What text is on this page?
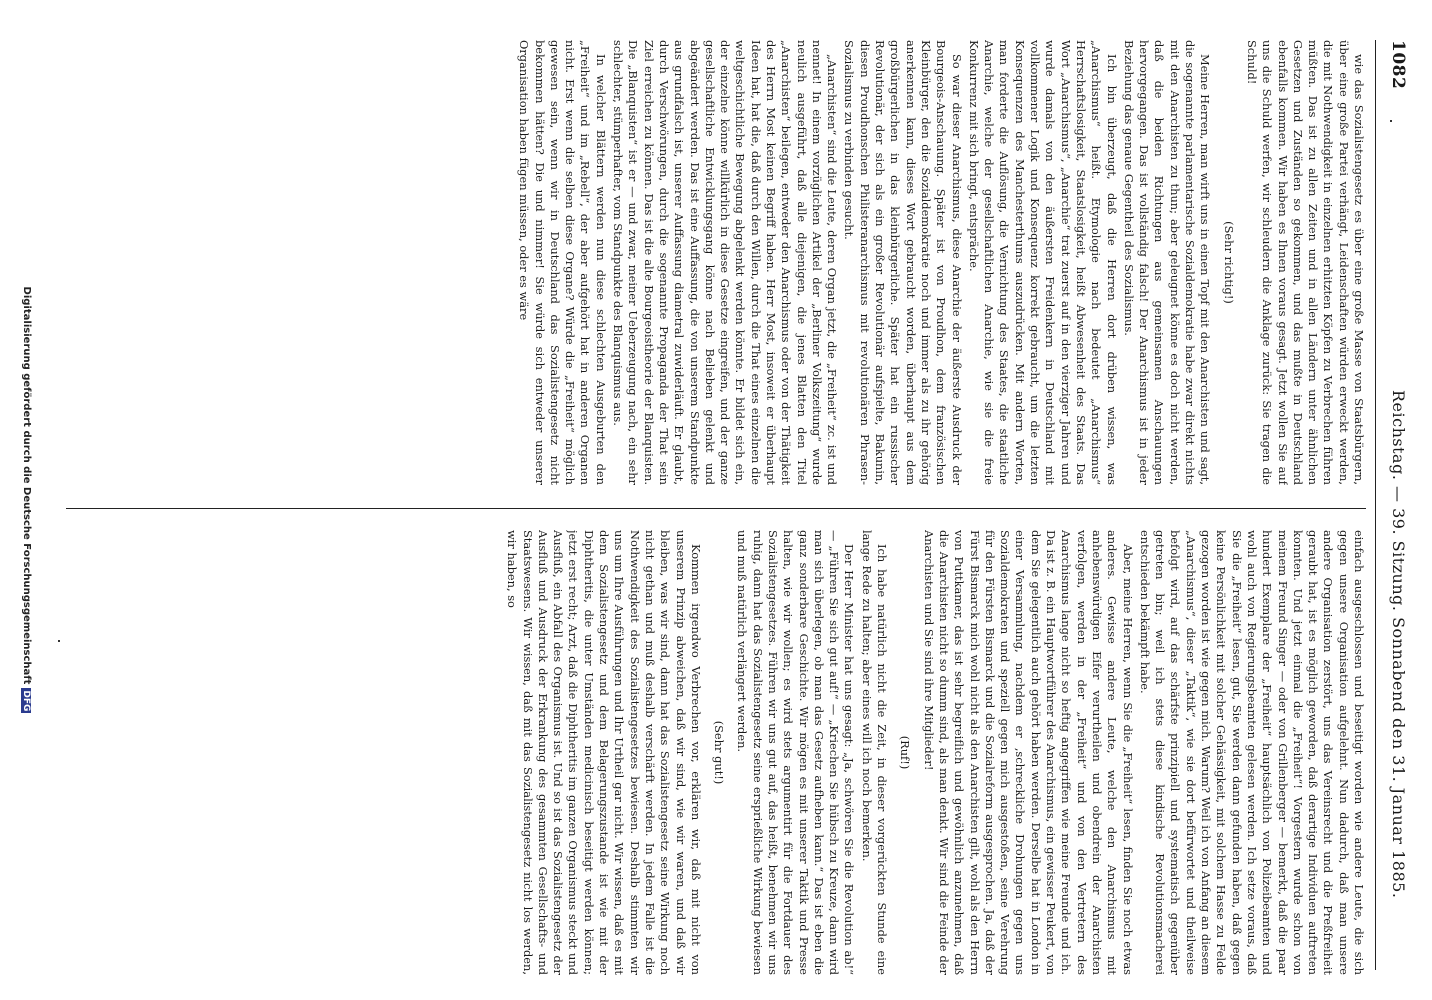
1082
Reichstag. — 39. Sitzung. Sonnabend den 31. Januar 1885.

wie das Sozialistengesetz es über eine große Masse von Staatsbürgern, über eine große Partei verhängt, Leidenschaften würden erweckt werden, die mit Nothwendigkeit in einzelnen erhitzten Köpfen zu Verbrechen führen müßten. Das ist zu allen Zeiten und in allen Ländern unter ähnlichen Gesetzen und Zuständen so gekommen, und das mußte in Deutschland ebenfalls kommen. Wir haben es Ihnen voraus gesagt. Jetzt wollen Sie auf uns die Schuld werfen, wir schleudern die Anklage zurück: Sie tragen die Schuld!

(Sehr richtig!)

Meine Herren, man wirft uns in einen Topf mit den Anarchisten und sagt, die sogenannte parlamentarische Sozialdemokratie habe zwar direkt nichts mit den Anarchisten zu thun; aber geleugnet könne es doch nicht werden, daß die beiden Richtungen aus gemeinsamen Anschauungen hervorgegangen. Das ist vollständig falsch! Der Anarchismus ist in jeder Beziehung das genaue Gegentheil des Sozialismus.

Ich bin überzeugt, daß die Herren dort drüben wissen, was „Anarchismus“ heißt. Etymologie nach bedeutet „Anarchismus“ Herrschaftslosigkeit, Staatslosigkeit, heißt Abwesenheit des Staats. Das Wort „Anarchismus“, „Anarchie“ trat zuerst auf in den vierziger Jahren und wurde damals von den äußersten Freidenkern in Deutschland mit vollkommener Logik und Konsequenz korrekt gebraucht, um die letzten Konsequenzen des Manchesterthums auszudrücken. Mit andern Worten, man forderte die Auflösung, die Vernichtung des Staates, die staatliche Anarchie, welche der gesellschaftlichen Anarchie, wie sie die freie Konkurrenz mit sich bringt, entspräche.

So war dieser Anarchismus, diese Anarchie der äußerste Ausdruck der Bourgeois-Anschauung. Später ist von Proudhon, dem französischen Kleinbürger, den die Sozialdemokratie noch und immer als zu ihr gehörig anerkennen kann, dieses Wort gebraucht worden, überhaupt aus dem großbürgerlichen in das kleinbürgerliche. Später hat ein russischer Revolutionär, der sich als ein großer Revolutionär aufspielte, Bakunin, diesen Proudhonschen Philisteranarchismus mit revolutionären Phrasen-Sozialismus zu verbinden gesucht.

„Anarchisten“ sind die Leute, deren Organ jetzt, die „Freiheit“ zc. ist und nennet! In einem vorzüglichen Artikel der „Berliner Volkszeitung“ wurde neulich ausgeführt, daß alle diejenigen, die jenes Blatten den Titel „Anarchisten“ beilegen, entweder den Anarchismus oder von der Thätigkeit des Herrn Most keinen Begriff haben. Herr Most, insoweit er überhaupt Ideen hat, hat die, daß durch den Willen, durch die That eines einzelnen die weltgeschichtliche Bewegung abgelenkt werden könnte. Er bildet sich ein, der einzelne könne willkürlich in diese Gesetze eingreifen, und der ganze gesellschaftliche Entwicklungsgang könne nach Belieben gelenkt und abgeändert werden. Das ist eine Auffassung, die von unserem Standpunkte aus grundfalsch ist, unserer Auffassung diametral zuwiderläuft. Er glaubt, durch Verschwörungen, durch die sogenannte Propaganda der That sein Ziel erreichen zu können. Das ist die alte Bourgeoistheorie der Blanquisten. Die „Blanquisten“ ist er — und zwar, meiner Ueberzeugung nach, ein sehr schlechter, stümperhafter, vom Standpunkte des Blanquismus aus.

In welcher Blättern werden nun diese schlechten Ausgeburten den „Freiheit“ und im „Rebell“, der aber aufgehört hat in anderen Organen nicht. Erst wenn die selben diese Organe? Würde die „Freiheit“ möglich gewesen sein, wenn wir in Deutschland das Sozialistengesetz nicht bekommen hätten? Die und nimmer! Sie würde sich entweder unserer Organisation haben fügen müssen, oder es wäre

einfach ausgeschlossen und beseitigt worden wie andere Leute, die sich gegen unsere Organisation aufgelehnt. Nun dadurch, daß man unsere andere Organisation zerstört, uns das Vereinsrecht und die Preßfreiheit geraubt hat, ist es möglich geworden, daß derartige Individuen auftreten konnten. Und jetzt einmal die „Freiheit“! Vorgestern wurde schon von meinem Freund Singer — oder von Grillenberger — bemerkt, daß die paar hundert Exemplare der „Freiheit“ hauptsächlich von Polizeibeamten und wohl auch von Regierungsbeamten gelesen werden. Ich setze voraus, daß Sie die „Freiheit“ lesen, gut, Sie werden dann gefunden haben, daß gegen keine Persönlichkeit mit solcher Gehässigkeit, mit solchem Hasse zu Felde gezogen worden ist wie gegen mich. Warum? Weil ich von Anfang an diesem „Anarchismus“, dieser „Taktik“, wie sie dort befürwortet und theilweise befolgt wird, auf das schärfste prinzipiell und systematisch gegenüber getreten bin; weil ich stets diese kindische Revolutionsmacherei entschieden bekämpft habe.

Aber, meine Herren, wenn Sie die „Freiheit“ lesen, finden Sie noch etwas anderes. Gewisse andere Leute, welche den Anarchismus mit anhebenswürdigen Eifer verurtheilen und obendrein der Anarchisten verfolgen, werden in der „Freiheit“ und von den Vertretern des Anarchismus lange nicht so heftig angegriffen wie meine Freunde und ich. Da ist z. B. ein Hauptwortführer des Anarchismus, ein gewisser Peukert, von dem Sie gelegentlich auch gehört haben werden. Derselbe hat in London in einer Versammlung, nachdem er ‚schreckliche Drohungen gegen uns Sozialdemokraten und speziell gegen mich ausgestoßen, seine Verehrung für den Fürsten Bismarck und die Sozialreform ausgesprochen. Ja, daß der Fürst Bismarck mich wohl nicht als den Anarchisten gilt, wohl als den Herrn von Puttkamer, das ist sehr begreiflich und gewöhnlich anzunehmen, daß die Anarchisten nicht so dumm sind, als man denkt. Wir sind die Feinde der Anarchisten und Sie sind ihre Mitglieder!

(Ruf!)

Ich habe natürlich nicht die Zeit, in dieser vorgerückten Stunde eine lange Rede zu halten; aber eines will ich noch bemerken.

Der Herr Minister hat uns gesagt: „Ja, schwören Sie die Revolution ab!“ — „Führen Sie sich gut auf!“ — „Kriechen Sie hübsch zu Kreuze, dann wird man sich überlegen, ob man das Gesetz aufheben kann.“ Das ist eben die ganz sonderbare Geschichte. Wir mögen es mit unserer Taktik und Presse halten, wie wir wollen; es wird stets argumentirt für die Fortdauer des Sozialistengesetzes. Führen wir uns gut auf, das heißt, benehmen wir uns ruhig, dann hat das Sozialistengesetz seine ersprießliche Wirkung bewiesen und muß natürlich verlängert werden.

(Sehr gut!)

Kommen irgendwo Verbrechen vor, erklären wir, daß mit nicht von unserem Prinzip abweichen, daß wir sind, wie wir waren, und daß wir bleiben, was wir sind, dann hat das Sozialistengesetz seine Wirkung noch nicht gethan und muß deshalb verschärft werden. In jedem Falle ist die Nothwendigkeit des Sozialistengesetzes bewiesen. Deshalb stimmten wir uns um Ihre Ausführungen und Ihr Urtheil gar nicht. Wir wissen, daß es mit dem Sozialistengesetz und dem Belagerungszustande ist wie mit der Diphtheritis, die unter Umständen medicinisch beseitigt werden können; jetzt erst recht; Arzt, daß die Diphtheritis im ganzen Organismus steckt und Ausfluß, ein Abfall des Organismus ist. Und so ist das Sozialistengesetz der Ausfluß und Ausdruck der Erkrankung des gesammten Gesellschafts- und Staatswesens. Wir wissen, daß mit das Sozialistengesetz nicht los werden, wir haben, so

Digitalisierung gefördert durch die Deutsche ForschungsgemeinschaftDFG
